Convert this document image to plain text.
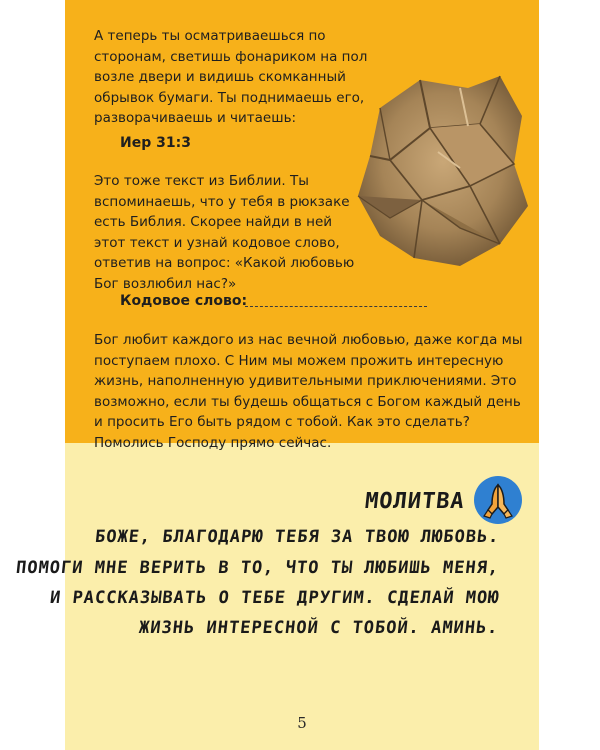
А теперь ты осматриваешься по сторонам, светишь фонариком на пол возле двери и видишь скомканный обрывок бумаги. Ты поднимаешь его, разворачиваешь и читаешь:
Иер 31:3
Это тоже текст из Библии. Ты вспоминаешь, что у тебя в рюкзаке есть Библия. Скорее найди в ней этот текст и узнай кодовое слово, ответив на вопрос: «Какой любовью Бог возлюбил нас?»
Кодовое слово:
Бог любит каждого из нас вечной любовью, даже когда мы поступаем плохо. С Ним мы можем прожить интересную жизнь, наполненную удивительными приключениями. Это возможно, если ты будешь общаться с Богом каждый день и просить Его быть рядом с тобой. Как это сделать? Помолись Господу прямо сейчас.
МОЛИТВА
БОЖЕ, БЛАГОДАРЮ ТЕБЯ ЗА ТВОЮ ЛЮБОВЬ.
ПОМОГИ МНЕ ВЕРИТЬ В ТО, ЧТО ТЫ ЛЮБИШЬ МЕНЯ,
И РАССКАЗЫВАТЬ О ТЕБЕ ДРУГИМ. СДЕЛАЙ МОЮ
ЖИЗНЬ ИНТЕРЕСНОЙ С ТОБОЙ. АМИНЬ.
5
